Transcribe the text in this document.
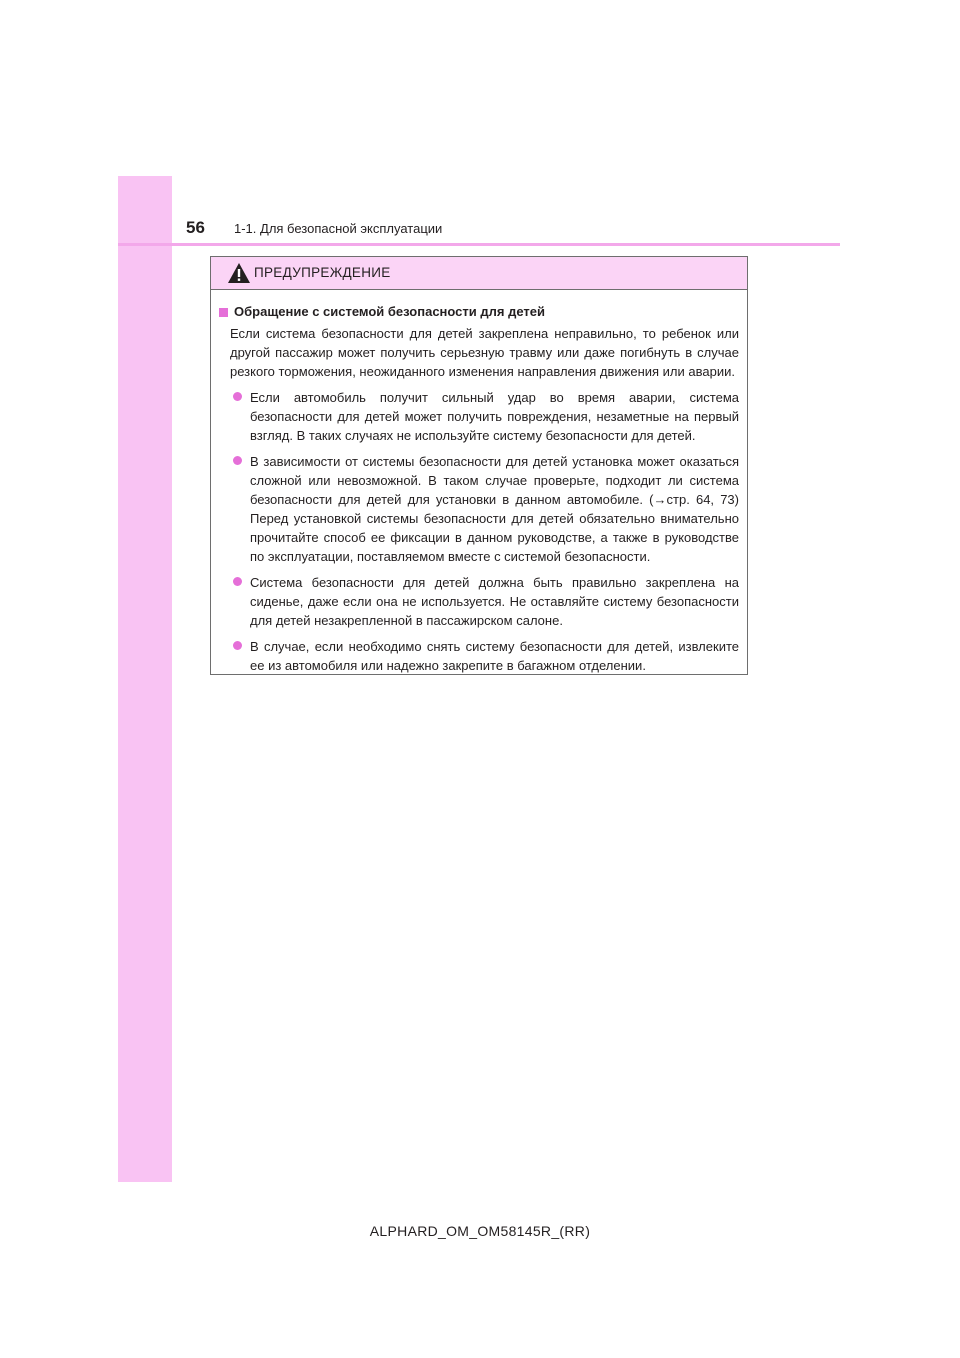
56 1-1. Для безопасной эксплуатации
ПРЕДУПРЕЖДЕНИЕ
Обращение с системой безопасности для детей
Если система безопасности для детей закреплена неправильно, то ребенок или другой пассажир может получить серьезную травму или даже погибнуть в случае резкого торможения, неожиданного изменения направления движения или аварии.
Если автомобиль получит сильный удар во время аварии, система безопасности для детей может получить повреждения, незаметные на первый взгляд. В таких случаях не используйте систему безопасности для детей.
В зависимости от системы безопасности для детей установка может оказаться сложной или невозможной. В таком случае проверьте, подходит ли система безопасности для детей для установки в данном автомобиле. (→стр. 64, 73) Перед установкой системы безопасности для детей обязательно внимательно прочитайте способ ее фиксации в данном руководстве, а также в руководстве по эксплуатации, поставляемом вместе с системой безопасности.
Система безопасности для детей должна быть правильно закреплена на сиденье, даже если она не используется. Не оставляйте систему безопасности для детей незакрепленной в пассажирском салоне.
В случае, если необходимо снять систему безопасности для детей, извлеките ее из автомобиля или надежно закрепите в багажном отделении.
ALPHARD_OM_OM58145R_(RR)
